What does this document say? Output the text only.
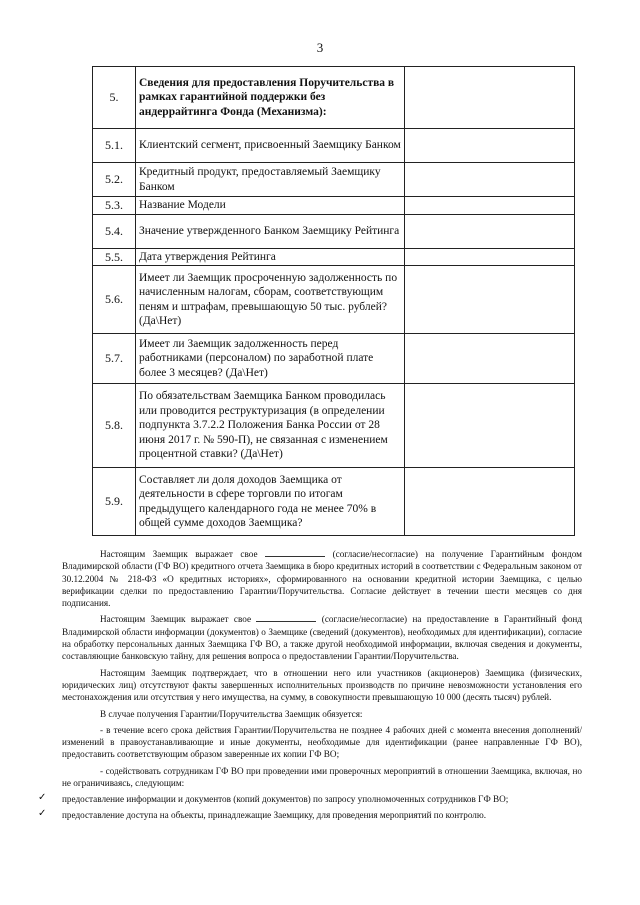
3
5.	Сведения для предоставления Поручительства в рамках гарантийной поддержки без андеррайтинга Фонда (Механизма):	
5.1.	Клиентский сегмент, присвоенный Заемщику Банком	
5.2.	Кредитный продукт, предоставляемый Заемщику Банком	
5.3.	Название Модели	
5.4.	Значение утвержденного Банком Заемщику Рейтинга	
5.5.	Дата утверждения Рейтинга	
5.6.	Имеет ли Заемщик просроченную задолженность по начисленным налогам, сборам, соответствующим пеням и штрафам, превышающую 50 тыс. рублей? (Да\Нет)	
5.7.	Имеет ли Заемщик задолженность перед работниками (персоналом) по заработной плате более 3 месяцев? (Да\Нет)	
5.8.	По обязательствам Заемщика Банком проводилась или проводится реструктуризация (в определении подпункта 3.7.2.2 Положения Банка России от 28 июня 2017 г. № 590-П), не связанная с изменением процентной ставки? (Да\Нет)	
5.9.	Составляет ли доля доходов Заемщика от деятельности в сфере торговли по итогам предыдущего календарного года не менее 70% в общей сумме доходов Заемщика?	

Настоящим Заемщик выражает свое	(согласие/несогласие) на получение Гарантийным фондом Владимирской области (ГФ ВО) кредитного отчета Заемщика в бюро кредитных историй в соответствии с Федеральным законом от 30.12.2004 № 218-ФЗ «О кредитных историях», сформированного на основании кредитной истории Заемщика, с целью верификации сделки по предоставлению Гарантии/Поручительства. Согласие действует в течении шести месяцев со дня подписания.

Настоящим Заемщик выражает свое	(согласие/несогласие) на предоставление в Гарантийный фонд Владимирской области информации (документов) о Заемщике (сведений (документов), необходимых для идентификации), согласие на обработку персональных данных Заемщика ГФ ВО, а также другой необходимой информации, включая сведения и документы, составляющие банковскую тайну, для решения вопроса о предоставлении Гарантии/Поручительства.

Настоящим Заемщик подтверждает, что в отношении него или участников (акционеров) Заемщика (физических, юридических лиц) отсутствуют факты завершенных исполнительных производств по причине невозможности установления его местонахождения или отсутствия у него имущества, на сумму, в совокупности превышающую 10 000 (десять тысяч) рублей.

В случае получения Гарантии/Поручительства Заемщик обязуется:

- в течение всего срока действия Гарантии/Поручительства не позднее 4 рабочих дней с момента внесения дополнений/изменений в правоустанавливающие и иные документы, необходимые для идентификации (ранее направленные ГФ ВО), предоставить соответствующим образом заверенные их копии ГФ ВО;

- содействовать сотрудникам ГФ ВО при проведении ими проверочных мероприятий в отношении Заемщика, включая, но не ограничиваясь, следующим:

✓ предоставление информации и документов (копий документов) по запросу уполномоченных сотрудников ГФ ВО;
✓ предоставление доступа на объекты, принадлежащие Заемщику, для проведения мероприятий по контролю.
